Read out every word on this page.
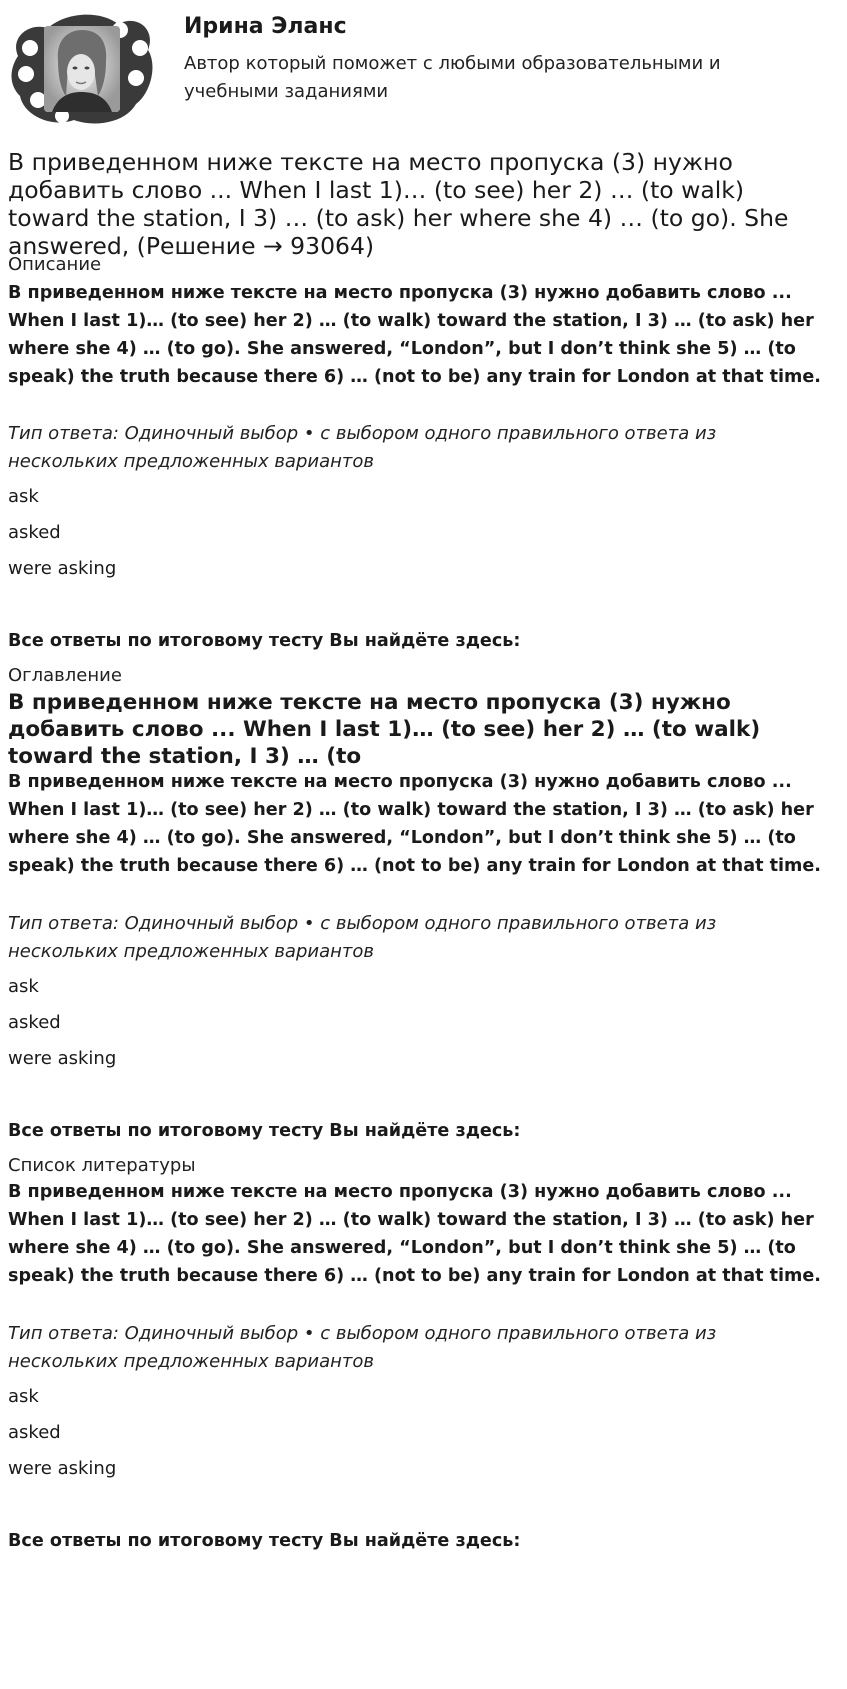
Ирина Эланс
Автор который поможет с любыми образовательными и учебными заданиями
В приведенном ниже тексте на место пропуска (3) нужно добавить слово ... When I last 1)… (to see) her 2) … (to walk) toward the station, I 3) … (to ask) her where she 4) … (to go). She answered, (Решение → 93064)
Описание
В приведенном ниже тексте на место пропуска (3) нужно добавить слово ... When I last 1)… (to see) her 2) … (to walk) toward the station, I 3) … (to ask) her where she 4) … (to go). She answered, “London”, but I don’t think she 5) … (to speak) the truth because there 6) … (not to be) any train for London at that time.
Тип ответа: Одиночный выбор • с выбором одного правильного ответа из нескольких предложенных вариантов
ask
asked
were asking
Все ответы по итоговому тесту Вы найдёте здесь:
Оглавление
В приведенном ниже тексте на место пропуска (3) нужно добавить слово ... When I last 1)… (to see) her 2) … (to walk) toward the station, I 3) … (to
В приведенном ниже тексте на место пропуска (3) нужно добавить слово ... When I last 1)… (to see) her 2) … (to walk) toward the station, I 3) … (to ask) her where she 4) … (to go). She answered, “London”, but I don’t think she 5) … (to speak) the truth because there 6) … (not to be) any train for London at that time.
Тип ответа: Одиночный выбор • с выбором одного правильного ответа из нескольких предложенных вариантов
ask
asked
were asking
Все ответы по итоговому тесту Вы найдёте здесь:
Список литературы
В приведенном ниже тексте на место пропуска (3) нужно добавить слово ... When I last 1)… (to see) her 2) … (to walk) toward the station, I 3) … (to ask) her where she 4) … (to go). She answered, “London”, but I don’t think she 5) … (to speak) the truth because there 6) … (not to be) any train for London at that time.
Тип ответа: Одиночный выбор • с выбором одного правильного ответа из нескольких предложенных вариантов
ask
asked
were asking
Все ответы по итоговому тесту Вы найдёте здесь:
